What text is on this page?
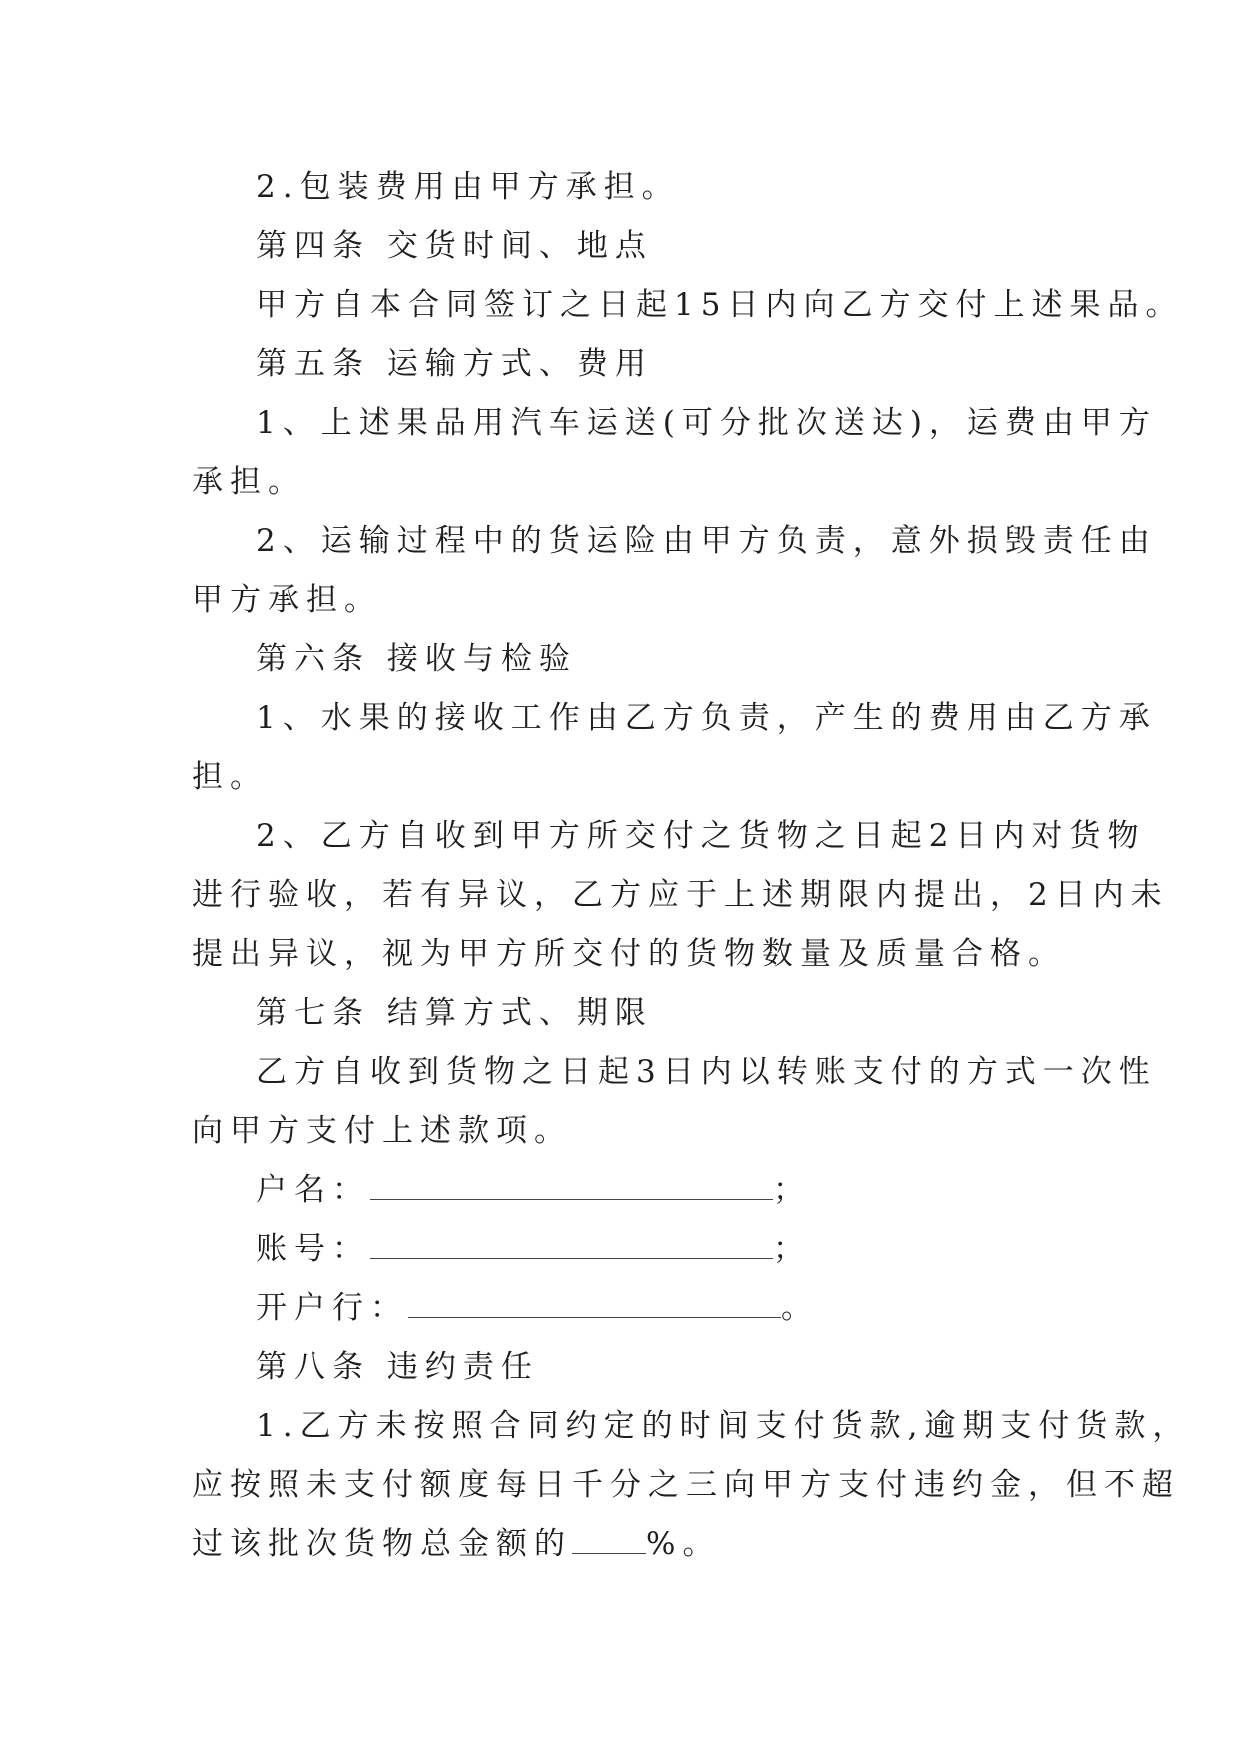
2.包装费用由甲方承担。

第四条 交货时间、地点

甲方自本合同签订之日起15日内向乙方交付上述果品。

第五条 运输方式、费用

1、上述果品用汽车运送(可分批次送达)，运费由甲方

承担。

2、运输过程中的货运险由甲方负责，意外损毁责任由

甲方承担。

第六条 接收与检验

1、水果的接收工作由乙方负责，产生的费用由乙方承

担。

2、乙方自收到甲方所交付之货物之日起2日内对货物

进行验收，若有异议，乙方应于上述期限内提出，2日内未

提出异议，视为甲方所交付的货物数量及质量合格。

第七条 结算方式、期限

乙方自收到货物之日起3日内以转账支付的方式一次性

向甲方支付上述款项。

户名：	；

账号：	；

开户行：	。

第八条 违约责任

1.乙方未按照合同约定的时间支付货款,逾期支付货款，

应按照未支付额度每日千分之三向甲方支付违约金，但不超

过该批次货物总金额的 %。
